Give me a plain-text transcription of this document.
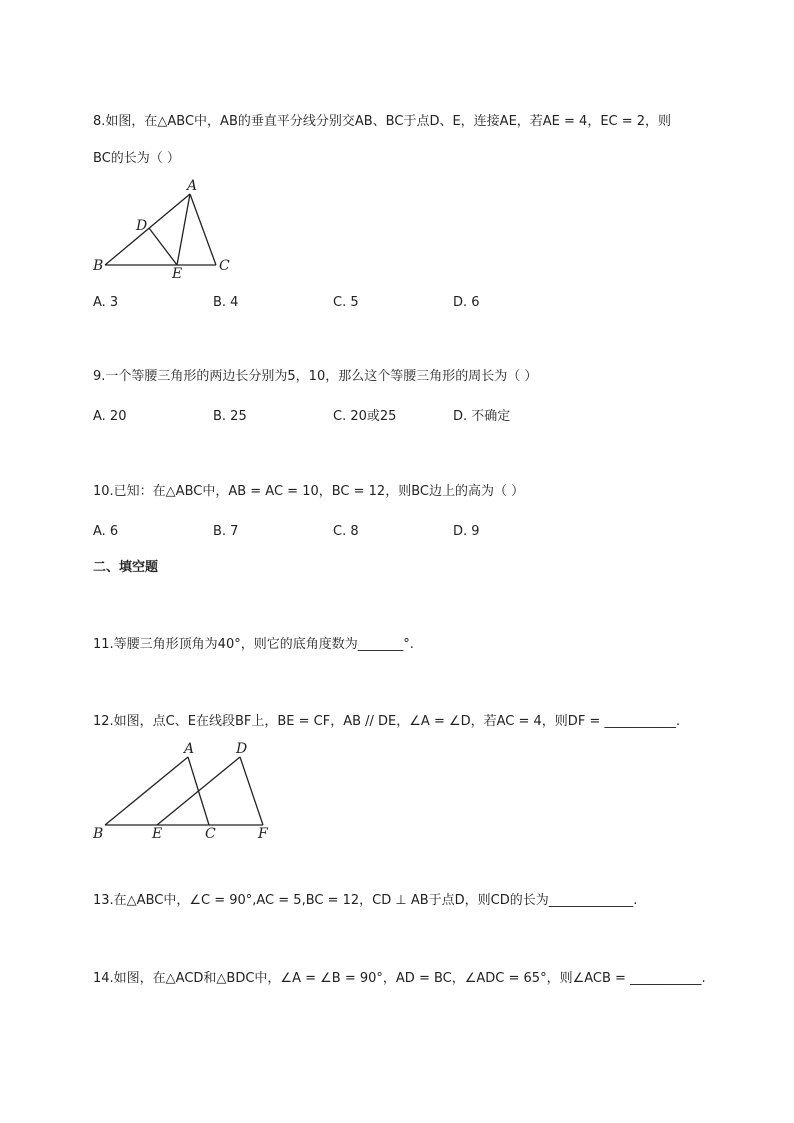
8.如图，在△ABC中，AB的垂直平分线分别交AB、BC于点D、E，连接AE，若AE = 4，EC = 2，则
BC的长为（ ）
A
B	C
D
E
A. 3	B. 4	C. 5	D. 6
9.一个等腰三角形的两边长分别为5，10，那么这个等腰三角形的周长为（ ）
A. 20	B. 25	C. 20或25	D. 不确定
10.已知：在△ABC中，AB = AC = 10，BC = 12，则BC边上的高为（ ）
A. 6	B. 7	C. 8	D. 9
二、填空题
11.等腰三角形顶角为40°，则它的底角度数为_______°.
12.如图，点C、E在线段BF上，BE = CF，AB // DE，∠A = ∠D，若AC = 4，则DF = ___________.
A
B	C
D
E	F
13.在△ABC中，∠C = 90°,AC = 5,BC = 12，CD ⊥ AB于点D，则CD的长为_____________.
14.如图，在△ACD和△BDC中，∠A = ∠B = 90°，AD = BC，∠ADC = 65°，则∠ACB = ___________.
